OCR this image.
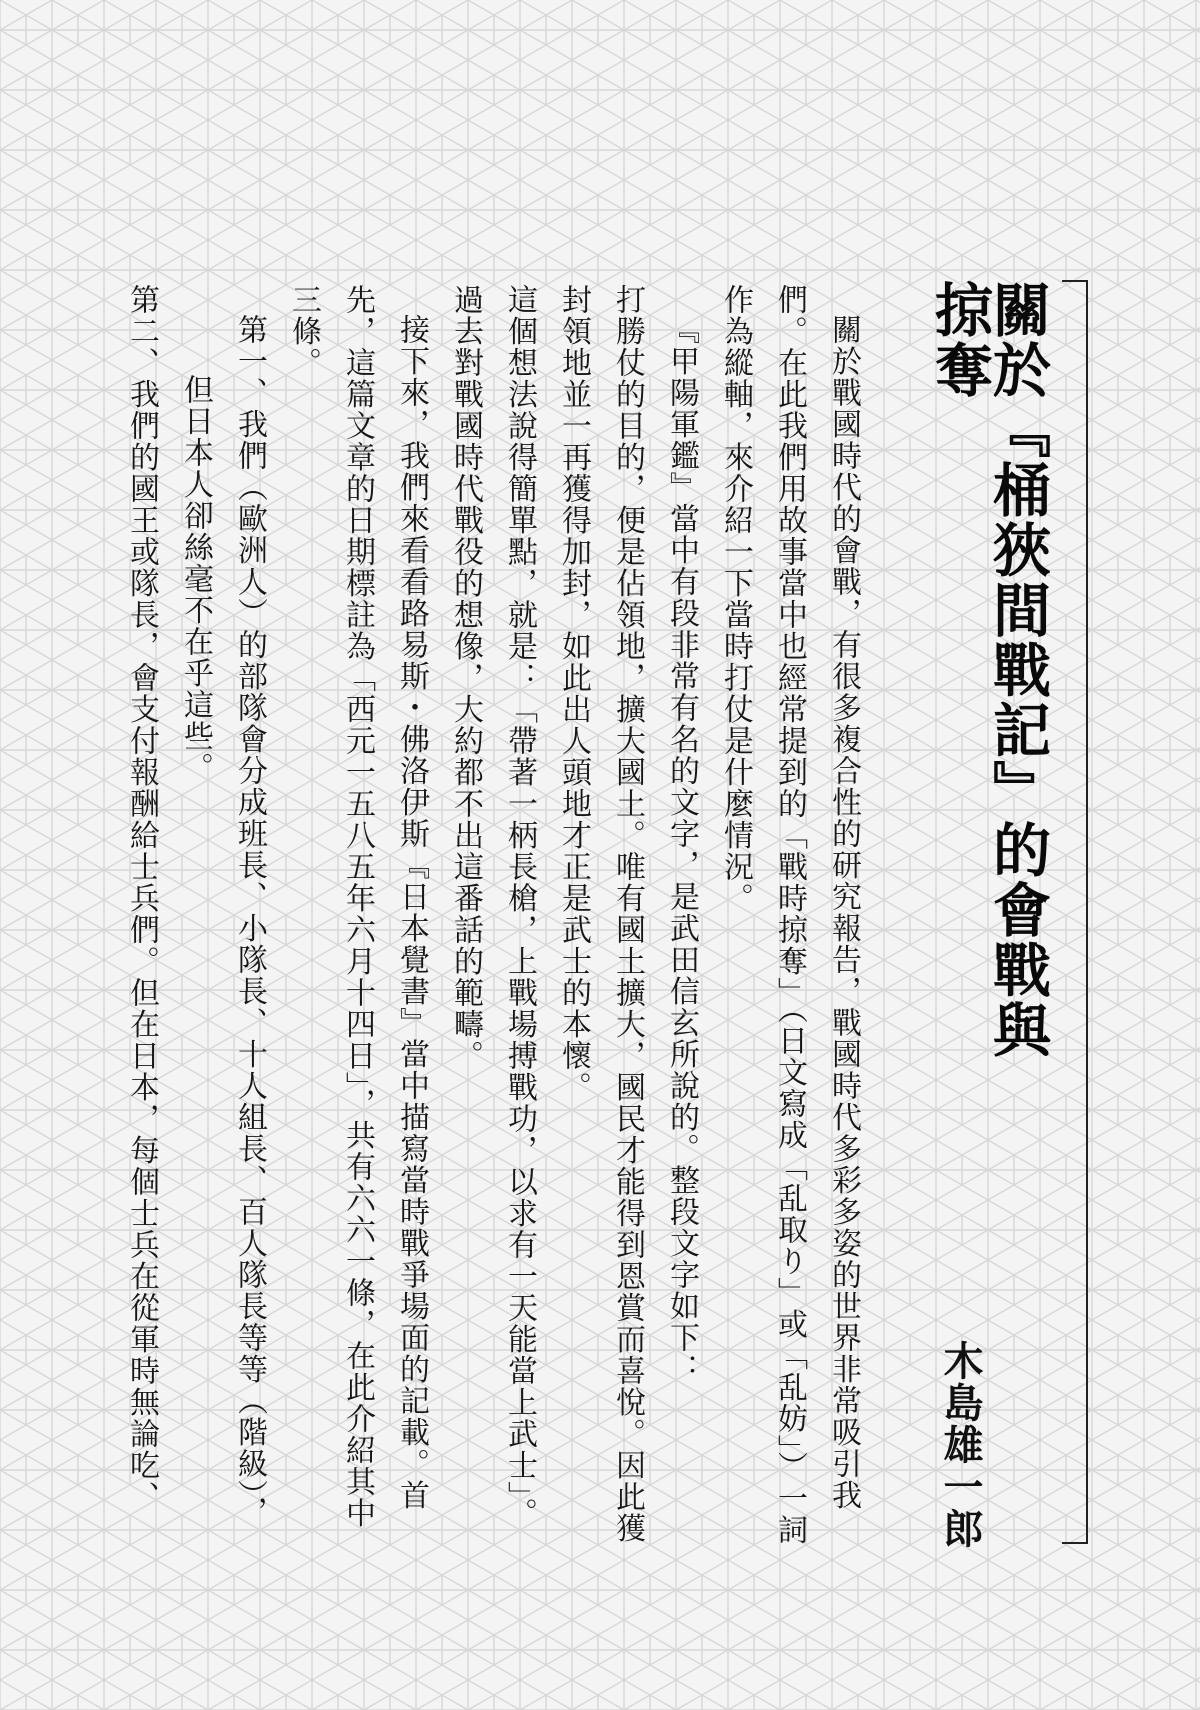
關於『桶狹間戰記』的會戰與掠奪
木島雄一郎

關於戰國時代的會戰，有很多複合性的研究報告，戰國時代多彩多姿的世界非常吸引我們。在此我們用故事當中也經常提到的「戰時掠奪」（日文寫成「乱取り」或「乱妨」）一詞作為縱軸，來介紹一下當時打仗是什麼情況。

『甲陽軍鑑』當中有段非常有名的文字，是武田信玄所說的。整段文字如下：

打勝仗的目的，便是佔領地，擴大國土。唯有國土擴大，國民才能得到恩賞而喜悅。因此獲封領地並一再獲得加封，如此出人頭地才正是武士的本懷。

這個想法說得簡單點，就是：「帶著一柄長槍，上戰場搏戰功，以求有一天能當上武士」。過去對戰國時代戰役的想像，大約都不出這番話的範疇。

接下來，我們來看看路易斯・佛洛伊斯『日本覺書』當中描寫當時戰爭場面的記載。首先，這篇文章的日期標註為「西元一五八五年六月十四日」，共有六六一條，在此介紹其中三條。

第一、我們（歐洲人）的部隊會分成班長、小隊長、十人組長、百人隊長等等（階級），

但日本人卻絲毫不在乎這些。

第二、我們的國王或隊長，會支付報酬給士兵們。但在日本，每個士兵在從軍時無論吃、
